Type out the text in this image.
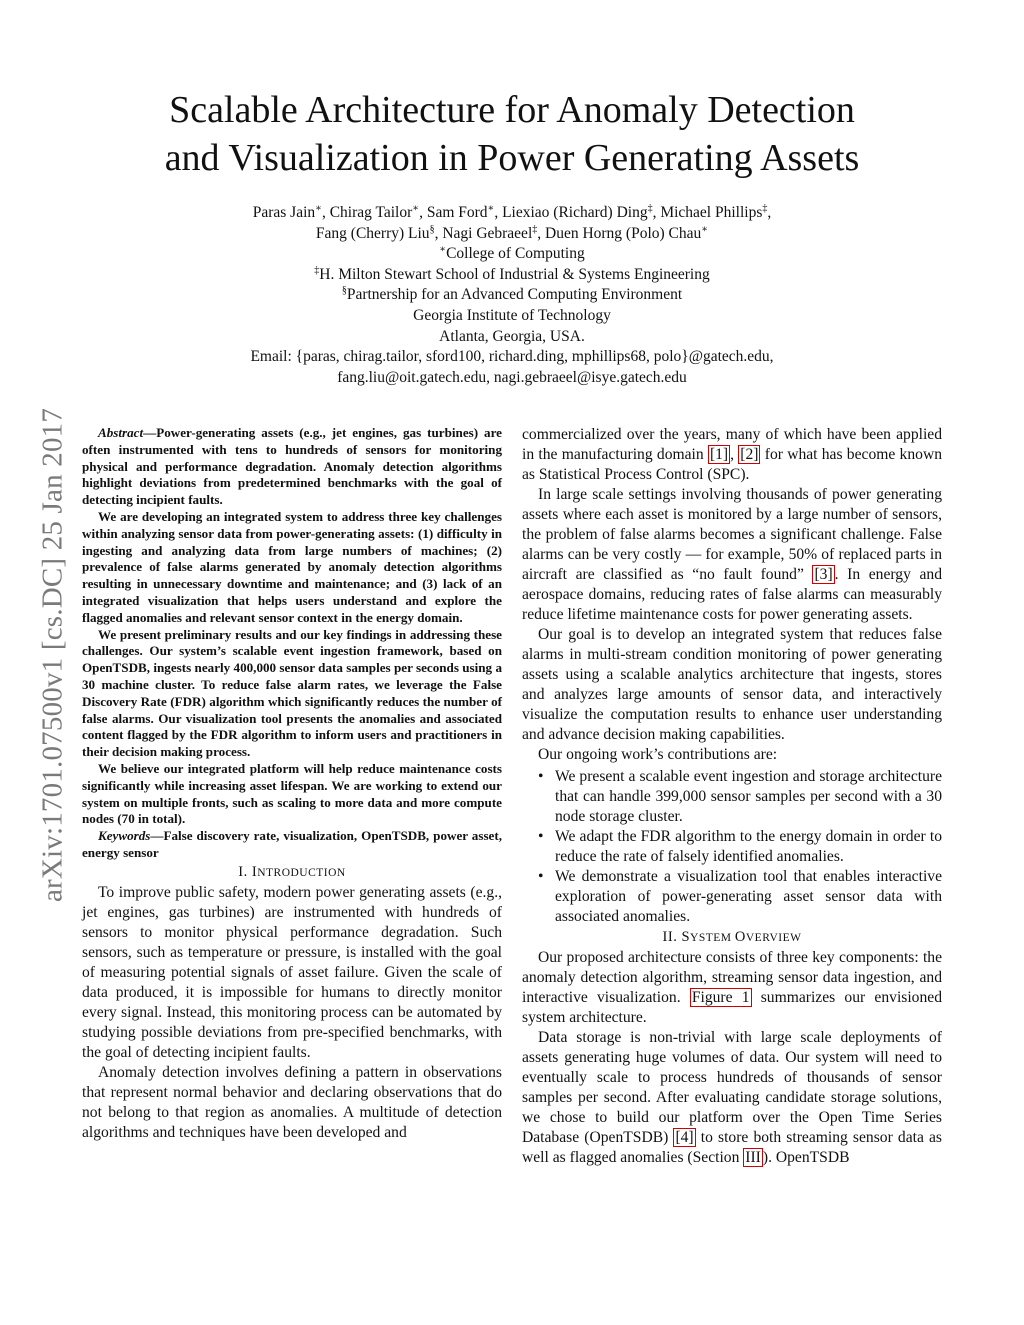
arXiv:1701.07500v1 [cs.DC] 25 Jan 2017
Scalable Architecture for Anomaly Detection
and Visualization in Power Generating Assets
Paras Jain∗, Chirag Tailor∗, Sam Ford∗, Liexiao (Richard) Ding‡, Michael Phillips‡,
Fang (Cherry) Liu§, Nagi Gebraeel‡, Duen Horng (Polo) Chau∗
∗College of Computing
‡H. Milton Stewart School of Industrial & Systems Engineering
§Partnership for an Advanced Computing Environment
Georgia Institute of Technology
Atlanta, Georgia, USA.
Email: {paras, chirag.tailor, sford100, richard.ding, mphillips68, polo}@gatech.edu,
fang.liu@oit.gatech.edu, nagi.gebraeel@isye.gatech.edu

Abstract—Power-generating assets (e.g., jet engines, gas turbines) are often instrumented with tens to hundreds of sensors for monitoring physical and performance degradation. Anomaly detection algorithms highlight deviations from predetermined benchmarks with the goal of detecting incipient faults.

We are developing an integrated system to address three key challenges within analyzing sensor data from power-generating assets: (1) difficulty in ingesting and analyzing data from large numbers of machines; (2) prevalence of false alarms generated by anomaly detection algorithms resulting in unnecessary downtime and maintenance; and (3) lack of an integrated visualization that helps users understand and explore the flagged anomalies and relevant sensor context in the energy domain.

We present preliminary results and our key findings in addressing these challenges. Our system’s scalable event ingestion framework, based on OpenTSDB, ingests nearly 400,000 sensor data samples per seconds using a 30 machine cluster. To reduce false alarm rates, we leverage the False Discovery Rate (FDR) algorithm which significantly reduces the number of false alarms. Our visualization tool presents the anomalies and associated content flagged by the FDR algorithm to inform users and practitioners in their decision making process.

We believe our integrated platform will help reduce maintenance costs significantly while increasing asset lifespan. We are working to extend our system on multiple fronts, such as scaling to more data and more compute nodes (70 in total).

Keywords—False discovery rate, visualization, OpenTSDB, power asset, energy sensor

I. INTRODUCTION

To improve public safety, modern power generating assets (e.g., jet engines, gas turbines) are instrumented with hundreds of sensors to monitor physical performance degradation. Such sensors, such as temperature or pressure, is installed with the goal of measuring potential signals of asset failure. Given the scale of data produced, it is impossible for humans to directly monitor every signal. Instead, this monitoring process can be automated by studying possible deviations from pre-specified benchmarks, with the goal of detecting incipient faults.

Anomaly detection involves defining a pattern in observations that represent normal behavior and declaring observations that do not belong to that region as anomalies. A multitude of detection algorithms and techniques have been developed and

commercialized over the years, many of which have been applied in the manufacturing domain [1] , [2] for what has become known as Statistical Process Control (SPC).

In large scale settings involving thousands of power generating assets where each asset is monitored by a large number of sensors, the problem of false alarms becomes a significant challenge. False alarms can be very costly — for example, 50% of replaced parts in aircraft are classified as “no fault found” [3] . In energy and aerospace domains, reducing rates of false alarms can measurably reduce lifetime maintenance costs for power generating assets.

Our goal is to develop an integrated system that reduces false alarms in multi-stream condition monitoring of power generating assets using a scalable analytics architecture that ingests, stores and analyzes large amounts of sensor data, and interactively visualize the computation results to enhance user understanding and advance decision making capabilities.

Our ongoing work’s contributions are:

• We present a scalable event ingestion and storage architecture that can handle 399,000 sensor samples per second with a 30 node storage cluster.
• We adapt the FDR algorithm to the energy domain in order to reduce the rate of falsely identified anomalies.
• We demonstrate a visualization tool that enables interactive exploration of power-generating asset sensor data with associated anomalies.

II. SYSTEM OVERVIEW

Our proposed architecture consists of three key components: the anomaly detection algorithm, streaming sensor data ingestion, and interactive visualization. Figure 1 summarizes our envisioned system architecture.

Data storage is non-trivial with large scale deployments of assets generating huge volumes of data. Our system will need to eventually scale to process hundreds of thousands of sensor samples per second. After evaluating candidate storage solutions, we chose to build our platform over the Open Time Series Database (OpenTSDB) [4] to store both streaming sensor data as well as flagged anomalies (Section III ). OpenTSDB
